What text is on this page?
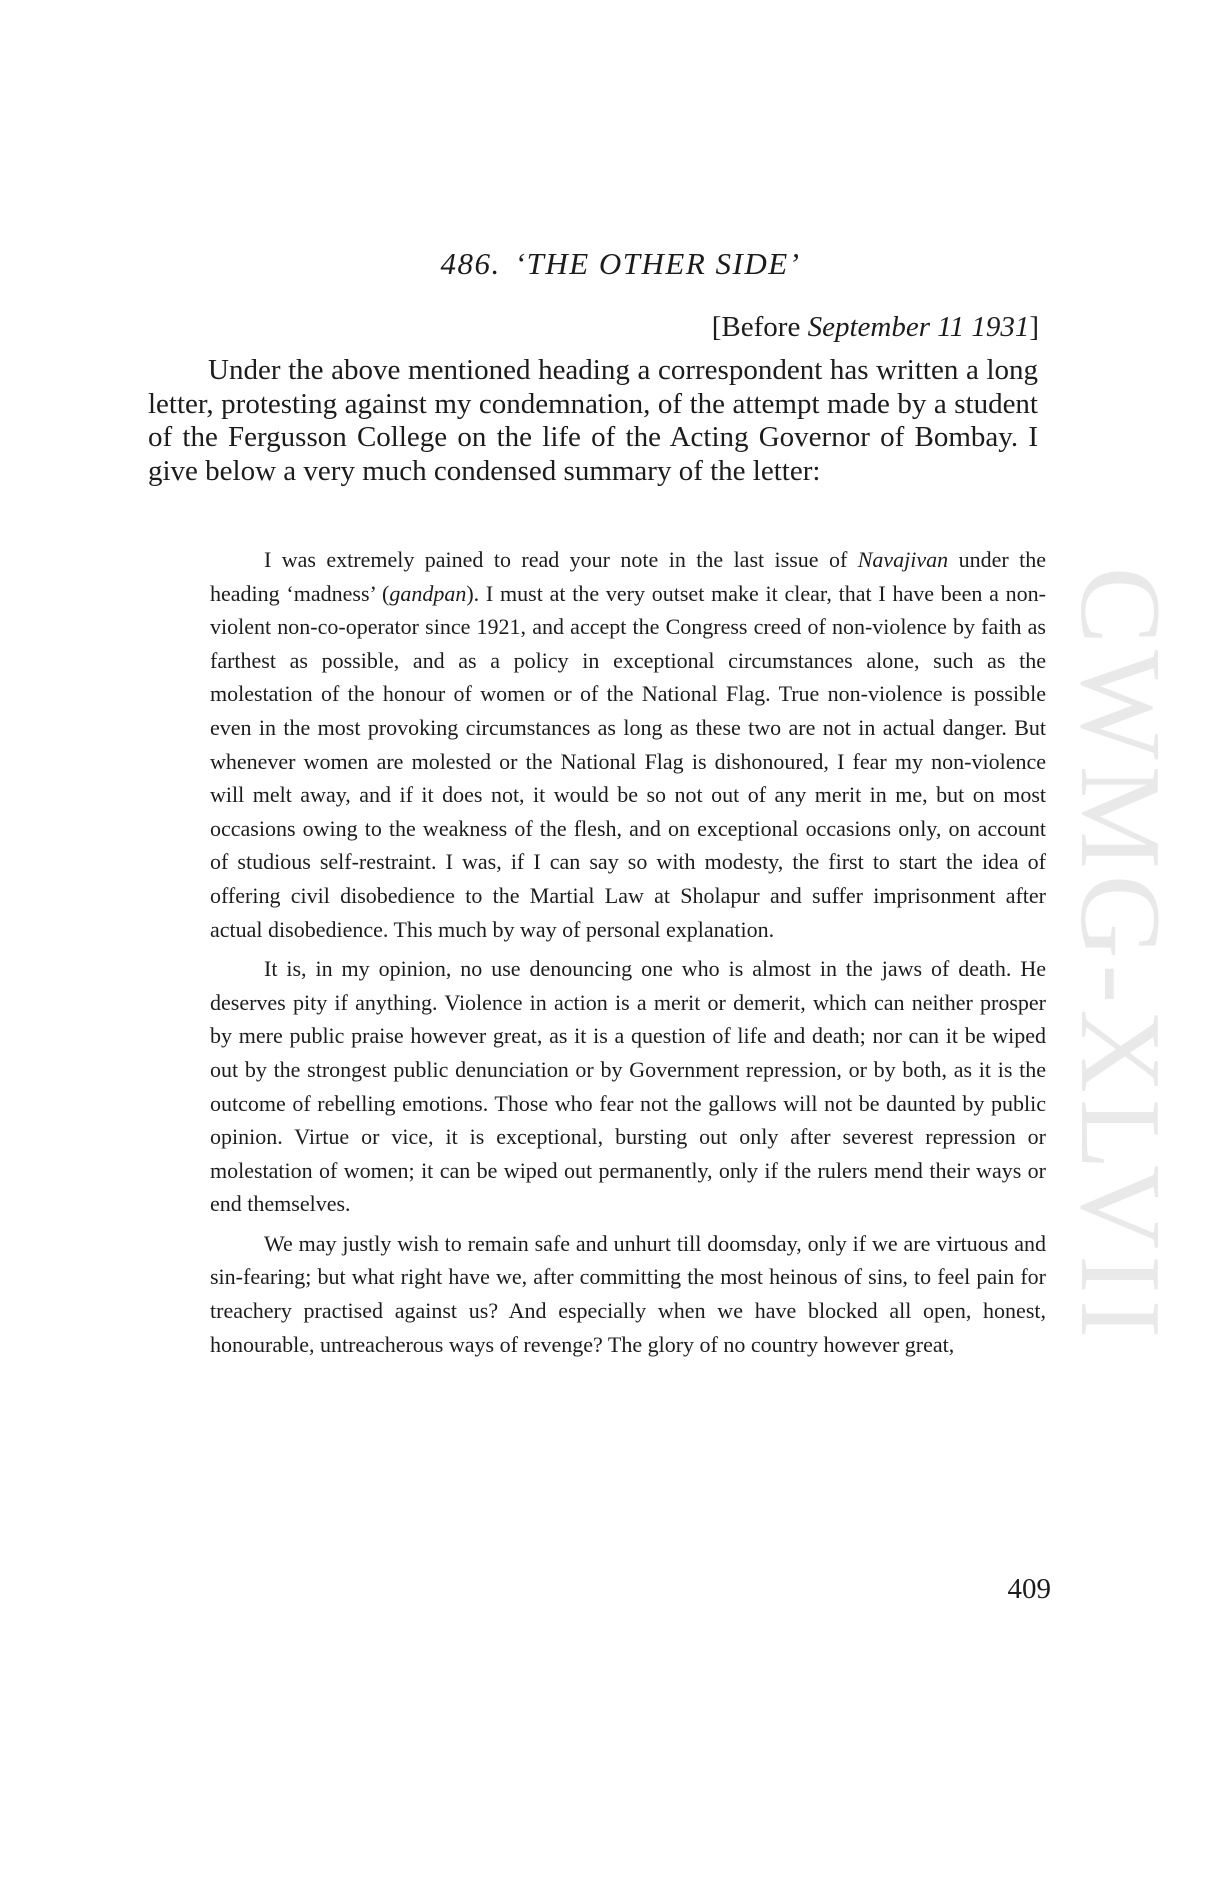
CWMG-XLVII
486. ‘THE OTHER SIDE’
[Before September 11 1931]

Under the above mentioned heading a correspondent has written a long letter, protesting against my condemnation, of the attempt made by a student of the Fergusson College on the life of the Acting Governor of Bombay. I give below a very much condensed summary of the letter:

I was extremely pained to read your note in the last issue of Navajivan under the heading ‘madness’ (gandpan). I must at the very outset make it clear, that I have been a non-violent non-co-operator since 1921, and accept the Congress creed of non-violence by faith as farthest as possible, and as a policy in exceptional circumstances alone, such as the molestation of the honour of women or of the National Flag. True non-violence is possible even in the most provoking circumstances as long as these two are not in actual danger. But whenever women are molested or the National Flag is dishonoured, I fear my non-violence will melt away, and if it does not, it would be so not out of any merit in me, but on most occasions owing to the weakness of the flesh, and on exceptional occasions only, on account of studious self-restraint. I was, if I can say so with modesty, the first to start the idea of offering civil disobedience to the Martial Law at Sholapur and suffer imprisonment after actual disobedience. This much by way of personal explanation.

It is, in my opinion, no use denouncing one who is almost in the jaws of death. He deserves pity if anything. Violence in action is a merit or demerit, which can neither prosper by mere public praise however great, as it is a question of life and death; nor can it be wiped out by the strongest public denunciation or by Government repression, or by both, as it is the outcome of rebelling emotions. Those who fear not the gallows will not be daunted by public opinion. Virtue or vice, it is exceptional, bursting out only after severest repression or molestation of women; it can be wiped out permanently, only if the rulers mend their ways or end themselves.

We may justly wish to remain safe and unhurt till doomsday, only if we are virtuous and sin-fearing; but what right have we, after committing the most heinous of sins, to feel pain for treachery practised against us? And especially when we have blocked all open, honest, honourable, untreacherous ways of revenge? The glory of no country however great,

409
